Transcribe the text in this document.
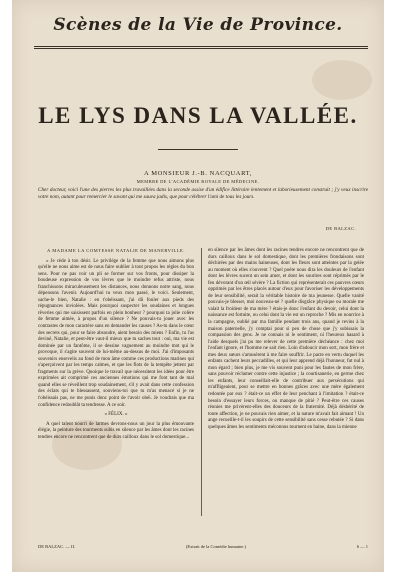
Scènes de la Vie de Province.
LE LYS DANS LA VALLÉE.
A MONSIEUR J.-B. NACQUART,
MEMBRE DE L'ACADÉMIE ROYALE DE MÉDECINE.
Cher docteur, voici l'une des pierres les plus travaillées dans la seconde assise d'un édifice littéraire lentement et laborieusement construit ; j'y veux inscrire votre nom, autant pour remercier le savant qui me sauva jadis, que pour célébrer l'ami de tous les jours.
DE BALZAC.

A MADAME LA COMTESSE NATALIE DE MANERVILLE.

« Je cède à ton désir. Le privilége de la femme que nous aimons plus qu'elle ne nous aime est de nous faire oublier à tout propos les règles du bon sens. Pour ne pas voir un pli se former sur vos fronts, pour dissiper la boudeuse expression de vos lèvres que le moindre refus attriste, nous franchissons miraculeusement les distances, nous donnons notre sang, nous dépensons l'avenir. Aujourd'hui tu veux mon passé, le voici. Seulement, sache-le bien, Natalie : en t'obéissant, j'ai dû fouler aux pieds des répugnances inviolées. Mais pourquoi suspecter les soudaines et longues rêveries qui me saisissent parfois en plein bonheur ? pourquoi ta jolie colère de femme aimée, à propos d'un silence ? Ne pouvais-tu jouer avec les contrastes de mon caractère sans en demander les causes ? As-tu dans le cœur des secrets qui, pour se faire absoudre, aient besoin des miens ? Enfin, tu l'as deviné, Natalie, et peut-être vaut-il mieux que tu saches tout : oui, ma vie est dominée par un fantôme, il se dessine vaguement au moindre mot qui le provoque, il s'agite souvent de lui-même au-dessus de moi. J'ai d'imposants souvenirs ensevelis au fond de mon âme comme ces productions marines qui s'aperçoivent par les temps calmes, et que les flots de la tempête jettent par fragments sur la grève. Quoique le travail que nécessitent les idées pour être exprimées ait comprimé ces anciennes émotions qui me font tant de mal quand elles se réveillent trop soudainement, s'il y avait dans cette confession des éclats qui te blessassent, souviens-toi que tu m'as menacé si je ne t'obéissais pas, ne me punis donc point de t'avoir obéi. Je voudrais que ma confidence redoublât ta tendresse. A ce soir.

« FÉLIX. »

A quel talent nourri de larmes devrons-nous un jour la plus émouvante élégie, la peinture des tourments subis en silence par les âmes dont les racines tendres encore ne rencontrent que de durs cailloux dans le sol domestique...

en silence par les âmes dont les racines tendres encore ne rencontrent que de durs cailloux dans le sol domestique, dont les premières frondaisons sont déchirées par des mains haineuses, dont les fleurs sont atteintes par la gelée au moment où elles s'ouvrent ? Quel poète nous dira les douleurs de l'enfant dont les lèvres sucent un sein amer, et dont les sourires sont réprimés par le feu dévorant d'un œil sévère ? La fiction qui représenterait ces pauvres cœurs opprimés par les êtres placés autour d'eux pour favoriser les développements de leur sensibilité, serait la véritable histoire de ma jeunesse. Quelle vanité pouvais-je blesser, moi nouveau-né ? quelle disgrâce physique ou morale me valait la froideur de ma mère ? étais-je donc l'enfant du devoir, celui dont la naissance est fortuite, ou celui dont la vie est un reproche ? Mis en nourrice à la campagne, oublié par ma famille pendant trois ans, quand je revins à la maison paternelle, j'y comptai pour si peu de chose que j'y subissais la compassion des gens. Je ne connais ni le sentiment, ni l'heureux hasard à l'aide desquels j'ai pu me relever de cette première déchéance : chez moi l'enfant ignore, et l'homme ne sait rien. Loin d'adoucir mon sort, mon frère et mes deux sœurs s'amusèrent à me faire souffrir. Le pacte en vertu duquel les enfants cachent leurs peccadilles, et qui leur apprend déjà l'honneur, fut nul à mon égard ; bien plus, je me vis souvent puni pour les fautes de mon frère, sans pouvoir réclamer contre cette injustice ; la courtisanerie, en germe chez les enfants, leur conseillait-elle de contribuer aux persécutions qui m'affligeaient, pour se mettre en bonnes grâces avec une mère également redoutée par eux ? était-ce un effet de leur penchant à l'imitation ? était-ce besoin d'essayer leurs forces, ou manque de pitié ? Peut-être ces causes réunies me privèrent-elles des douceurs de la fraternité. Déjà déshérité de toute affection, je ne pouvais rien aimer, et la nature m'avait fait aimant ! Un ange recueille-t-il les soupirs de cette sensibilité sans cesse rebutée ? Si dans quelques âmes les sentiments méconnus tournent en haine, dans la mienne

DE BALZAC. — II.	(Extrait de la Comédie humaine.)	6 — 1
